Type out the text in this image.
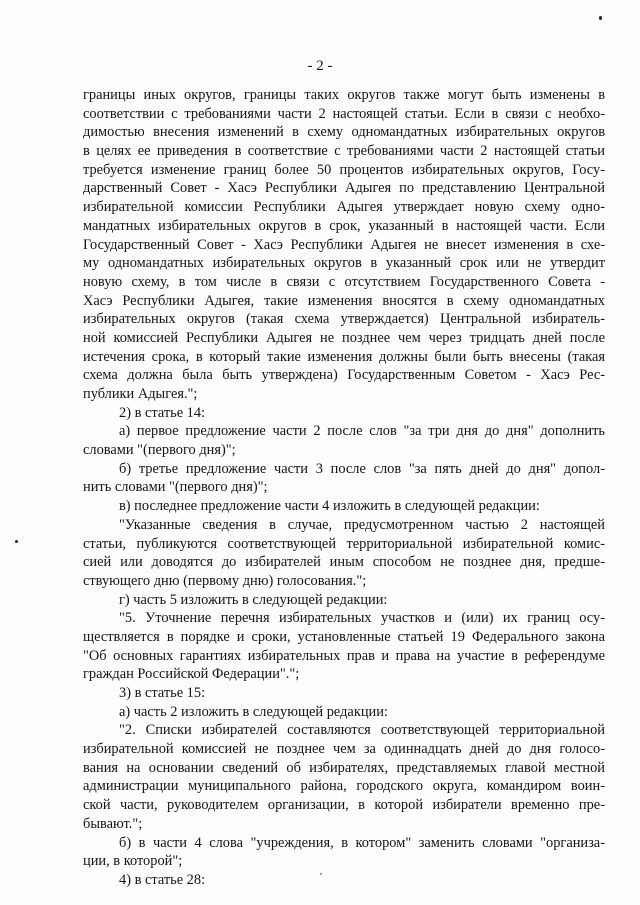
- 2 -
границы иных округов, границы таких округов также могут быть изменены в
соответствии с требованиями части 2 настоящей статьи. Если в связи с необхо-
димостью внесения изменений в схему одномандатных избирательных округов
в целях ее приведения в соответствие с требованиями части 2 настоящей статьи
требуется изменение границ более 50 процентов избирательных округов, Госу-
дарственный Совет - Хасэ Республики Адыгея по представлению Центральной
избирательной комиссии Республики Адыгея утверждает новую схему одно-
мандатных избирательных округов в срок, указанный в настоящей части. Если
Государственный Совет - Хасэ Республики Адыгея не внесет изменения в схе-
му одномандатных избирательных округов в указанный срок или не утвердит
новую схему, в том числе в связи с отсутствием Государственного Совета -
Хасэ Республики Адыгея, такие изменения вносятся в схему одномандатных
избирательных округов (такая схема утверждается) Центральной избиратель-
ной комиссией Республики Адыгея не позднее чем через тридцать дней после
истечения срока, в который такие изменения должны были быть внесены (такая
схема должна была быть утверждена) Государственным Советом - Хасэ Рес-
публики Адыгея.";
2) в статье 14:
а) первое предложение части 2 после слов "за три дня до дня" дополнить
словами "(первого дня)";
б) третье предложение части 3 после слов "за пять дней до дня" допол-
нить словами "(первого дня)";
в) последнее предложение части 4 изложить в следующей редакции:
"Указанные сведения в случае, предусмотренном частью 2 настоящей
статьи, публикуются соответствующей территориальной избирательной комис-
сией или доводятся до избирателей иным способом не позднее дня, предше-
ствующего дню (первому дню) голосования.";
г) часть 5 изложить в следующей редакции:
"5. Уточнение перечня избирательных участков и (или) их границ осу-
ществляется в порядке и сроки, установленные статьей 19 Федерального закона
"Об основных гарантиях избирательных прав и права на участие в референдуме
граждан Российской Федерации".";
3) в статье 15:
а) часть 2 изложить в следующей редакции:
"2. Списки избирателей составляются соответствующей территориальной
избирательной комиссией не позднее чем за одиннадцать дней до дня голосо-
вания на основании сведений об избирателях, представляемых главой местной
администрации муниципального района, городского округа, командиром воин-
ской части, руководителем организации, в которой избиратели временно пре-
бывают.";
б) в части 4 слова "учреждения, в котором" заменить словами "организа-
ции, в которой";
4) в статье 28:
